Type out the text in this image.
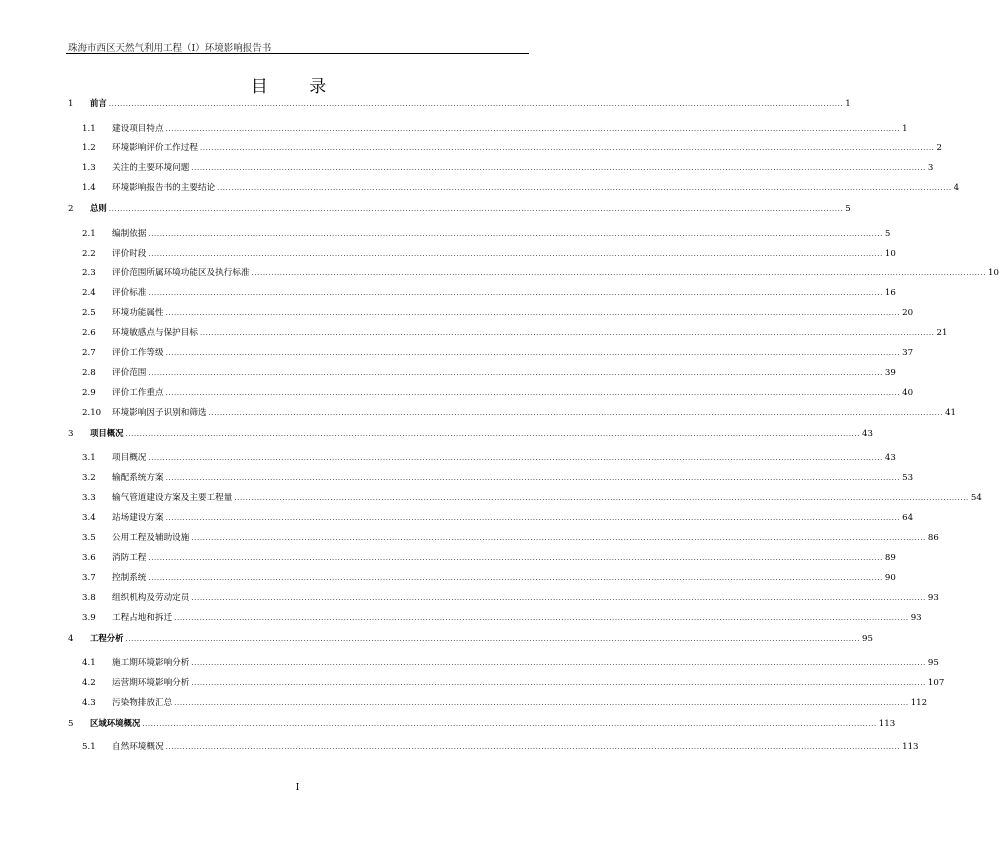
珠海市西区天然气利用工程（I）环境影响报告书
目 录
1	前言 .................................................................................................................................................................................................................................................................... 1
1.1	建设项目特点 .................................................................................................................................................................................................................................................................... 1
1.2	环境影响评价工作过程 .................................................................................................................................................................................................................................................................... 2
1.3	关注的主要环境问题 .................................................................................................................................................................................................................................................................... 3
1.4	环境影响报告书的主要结论 .................................................................................................................................................................................................................................................................... 4
2	总则 .................................................................................................................................................................................................................................................................... 5
2.1	编制依据 .................................................................................................................................................................................................................................................................... 5
2.2	评价时段 .................................................................................................................................................................................................................................................................... 10
2.3	评价范围所属环境功能区及执行标准 .................................................................................................................................................................................................................................................................... 10
2.4	评价标准 .................................................................................................................................................................................................................................................................... 16
2.5	环境功能属性 .................................................................................................................................................................................................................................................................... 20
2.6	环境敏感点与保护目标 .................................................................................................................................................................................................................................................................... 21
2.7	评价工作等级 .................................................................................................................................................................................................................................................................... 37
2.8	评价范围 .................................................................................................................................................................................................................................................................... 39
2.9	评价工作重点 .................................................................................................................................................................................................................................................................... 40
2.10	环境影响因子识别和筛选 .................................................................................................................................................................................................................................................................... 41
3	项目概况 .................................................................................................................................................................................................................................................................... 43
3.1	项目概况 .................................................................................................................................................................................................................................................................... 43
3.2	输配系统方案 .................................................................................................................................................................................................................................................................... 53
3.3	输气管道建设方案及主要工程量 .................................................................................................................................................................................................................................................................... 54
3.4	站场建设方案 .................................................................................................................................................................................................................................................................... 64
3.5	公用工程及辅助设施 .................................................................................................................................................................................................................................................................... 86
3.6	消防工程 .................................................................................................................................................................................................................................................................... 89
3.7	控制系统 .................................................................................................................................................................................................................................................................... 90
3.8	组织机构及劳动定员 .................................................................................................................................................................................................................................................................... 93
3.9	工程占地和拆迁 .................................................................................................................................................................................................................................................................... 93
4	工程分析 .................................................................................................................................................................................................................................................................... 95
4.1	施工期环境影响分析 .................................................................................................................................................................................................................................................................... 95
4.2	运营期环境影响分析 .................................................................................................................................................................................................................................................................... 107
4.3	污染物排放汇总 .................................................................................................................................................................................................................................................................... 112
5	区域环境概况 .................................................................................................................................................................................................................................................................... 113
5.1	自然环境概况 .................................................................................................................................................................................................................................................................... 113
I
